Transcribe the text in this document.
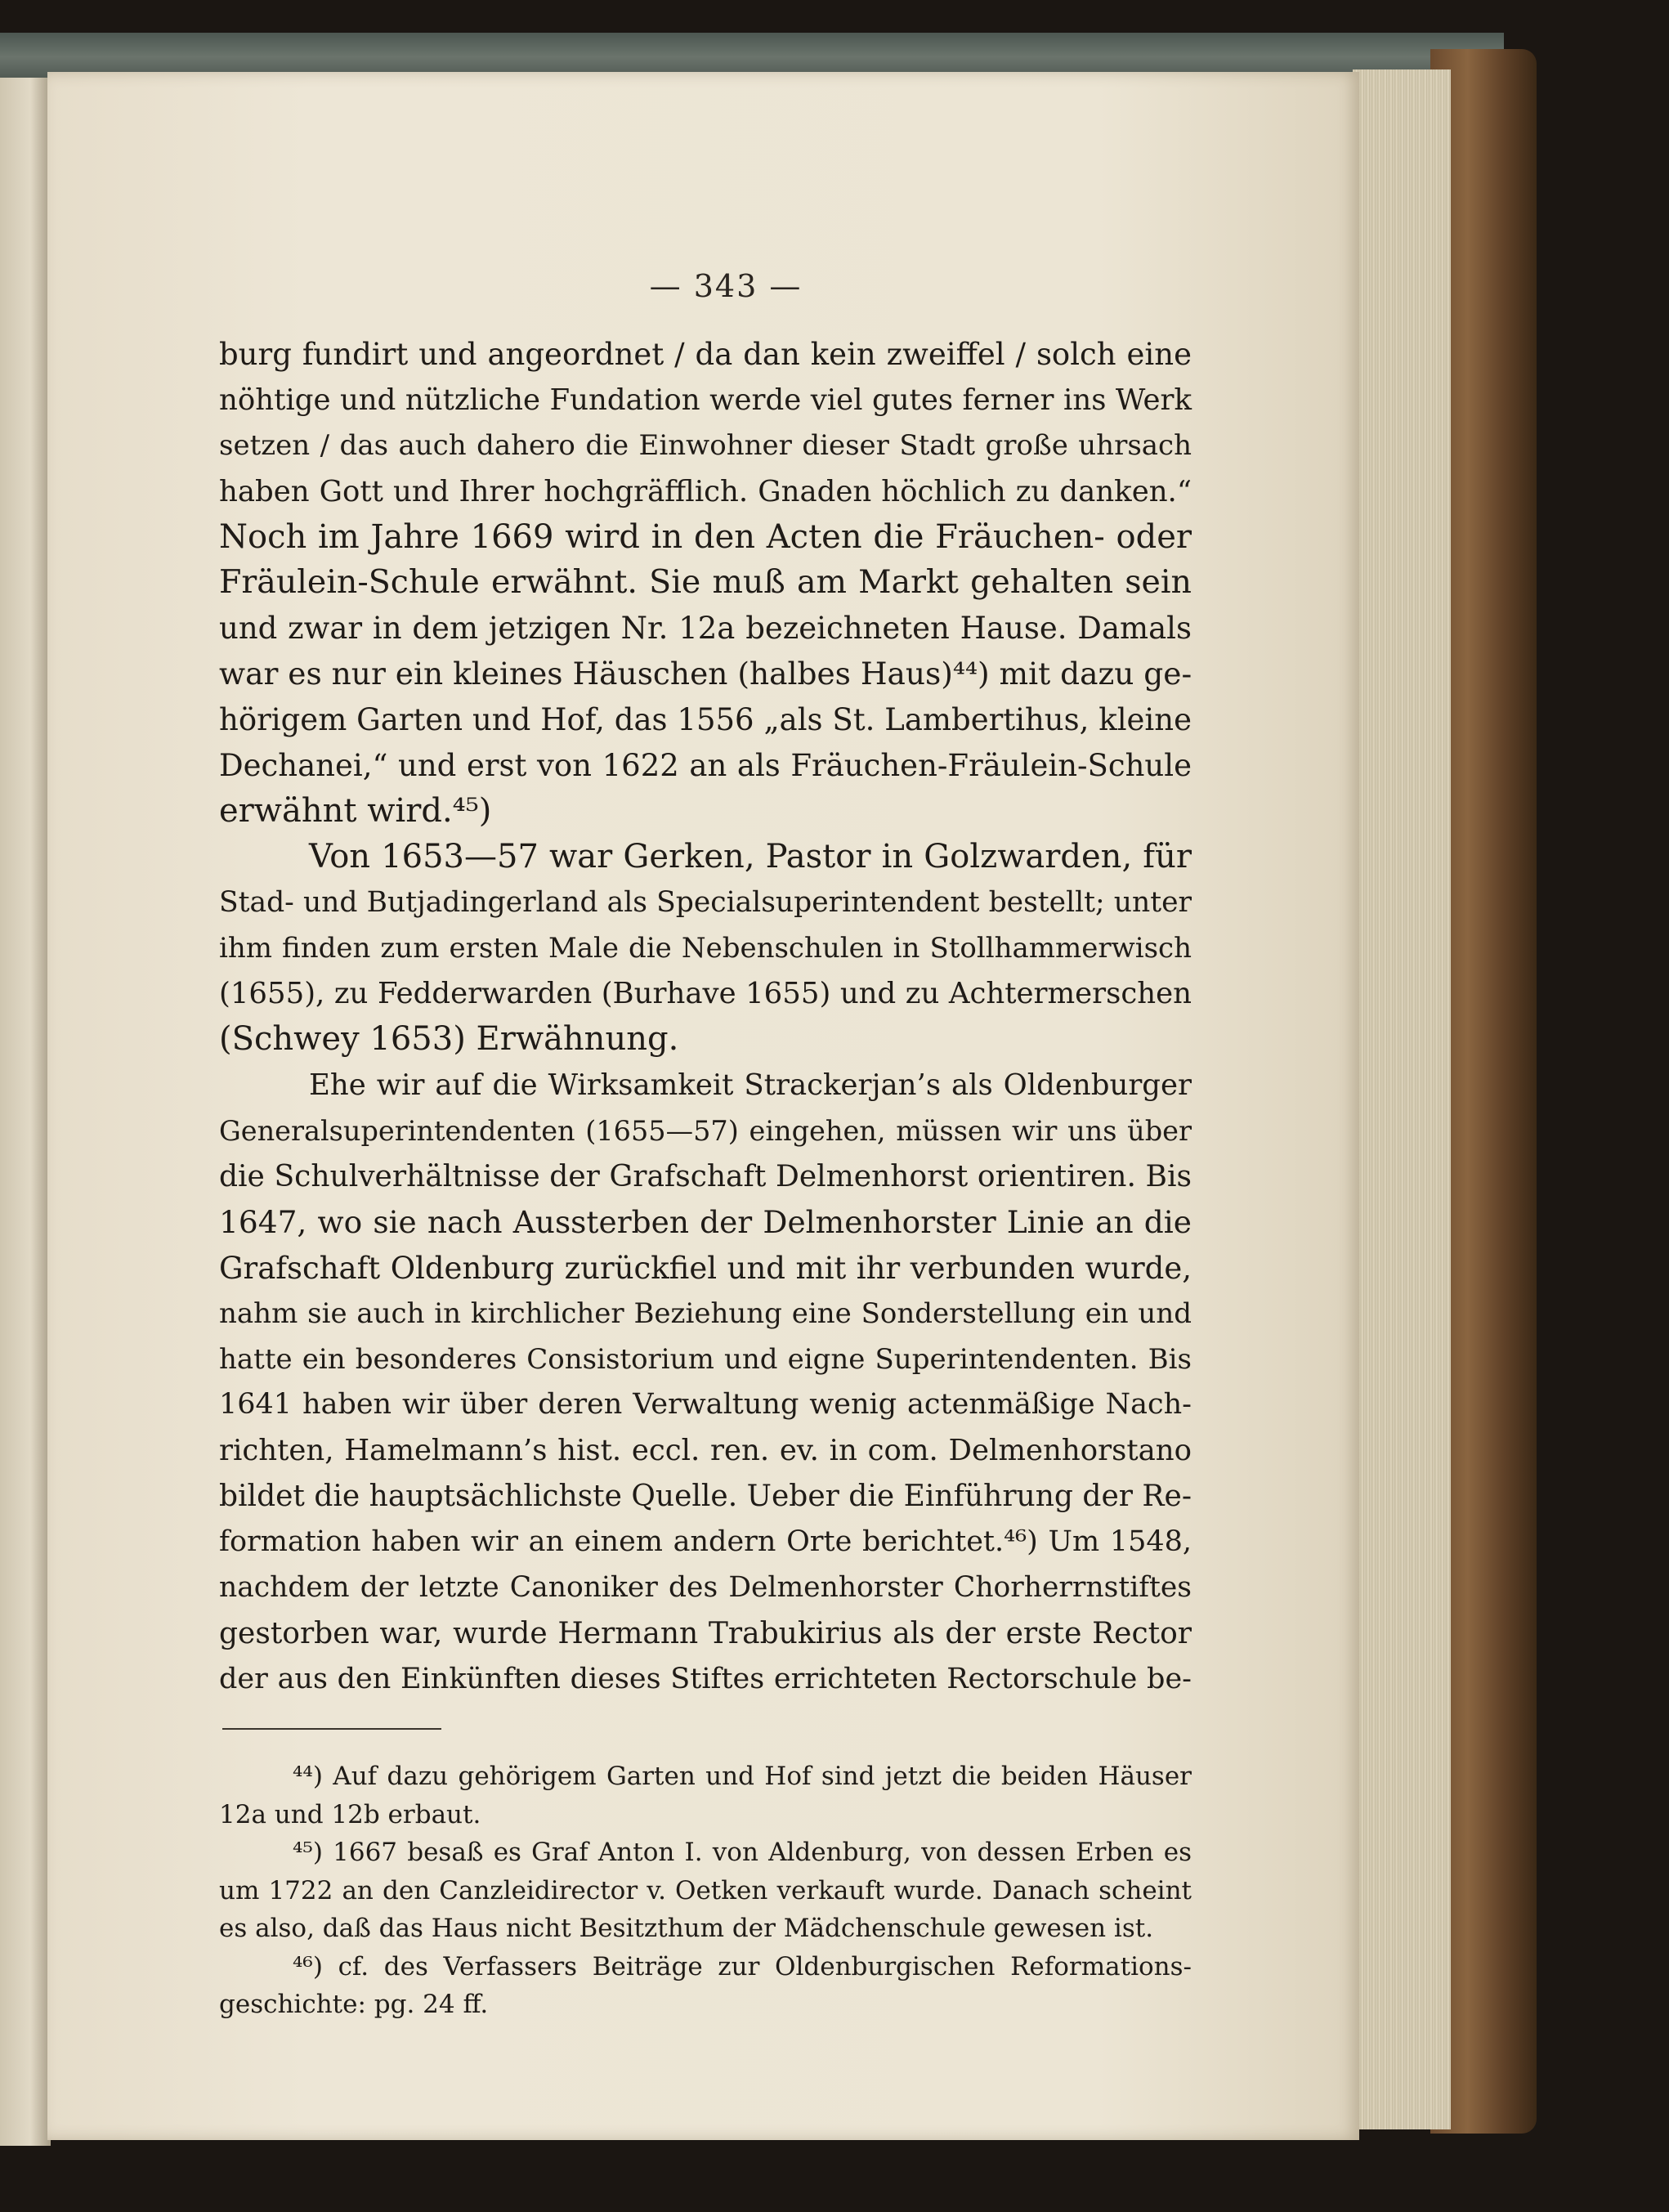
— 343 —
burg fundirt und angeordnet / da dan kein zweiffel / solch eine
nöhtige und nützliche Fundation werde viel gutes ferner ins Werk
setzen / das auch dahero die Einwohner dieser Stadt große uhrsach
haben Gott und Ihrer hochgräfflich. Gnaden höchlich zu danken.“
Noch im Jahre 1669 wird in den Acten die Fräuchen- oder
Fräulein-Schule erwähnt. Sie muß am Markt gehalten sein
und zwar in dem jetzigen Nr. 12a bezeichneten Hause. Damals
war es nur ein kleines Häuschen (halbes Haus)⁴⁴) mit dazu ge-
hörigem Garten und Hof, das 1556 „als St. Lambertihus, kleine
Dechanei,“ und erst von 1622 an als Fräuchen-Fräulein-Schule
erwähnt wird.⁴⁵)
Von 1653—57 war Gerken, Pastor in Golzwarden, für
Stad- und Butjadingerland als Specialsuperintendent bestellt; unter
ihm finden zum ersten Male die Nebenschulen in Stollhammerwisch
(1655), zu Fedderwarden (Burhave 1655) und zu Achtermerschen
(Schwey 1653) Erwähnung.
Ehe wir auf die Wirksamkeit Strackerjan’s als Oldenburger
Generalsuperintendenten (1655—57) eingehen, müssen wir uns über
die Schulverhältnisse der Grafschaft Delmenhorst orientiren. Bis
1647, wo sie nach Aussterben der Delmenhorster Linie an die
Grafschaft Oldenburg zurückfiel und mit ihr verbunden wurde,
nahm sie auch in kirchlicher Beziehung eine Sonderstellung ein und
hatte ein besonderes Consistorium und eigne Superintendenten. Bis
1641 haben wir über deren Verwaltung wenig actenmäßige Nach-
richten, Hamelmann’s hist. eccl. ren. ev. in com. Delmenhorstano
bildet die hauptsächlichste Quelle. Ueber die Einführung der Re-
formation haben wir an einem andern Orte berichtet.⁴⁶) Um 1548,
nachdem der letzte Canoniker des Delmenhorster Chorherrnstiftes
gestorben war, wurde Hermann Trabukirius als der erste Rector
der aus den Einkünften dieses Stiftes errichteten Rectorschule be-
⁴⁴) Auf dazu gehörigem Garten und Hof sind jetzt die beiden Häuser
12a und 12b erbaut.
⁴⁵) 1667 besaß es Graf Anton I. von Aldenburg, von dessen Erben es
um 1722 an den Canzleidirector v. Oetken verkauft wurde. Danach scheint
es also, daß das Haus nicht Besitzthum der Mädchenschule gewesen ist.
⁴⁶) cf. des Verfassers Beiträge zur Oldenburgischen Reformations-
geschichte: pg. 24 ff.
